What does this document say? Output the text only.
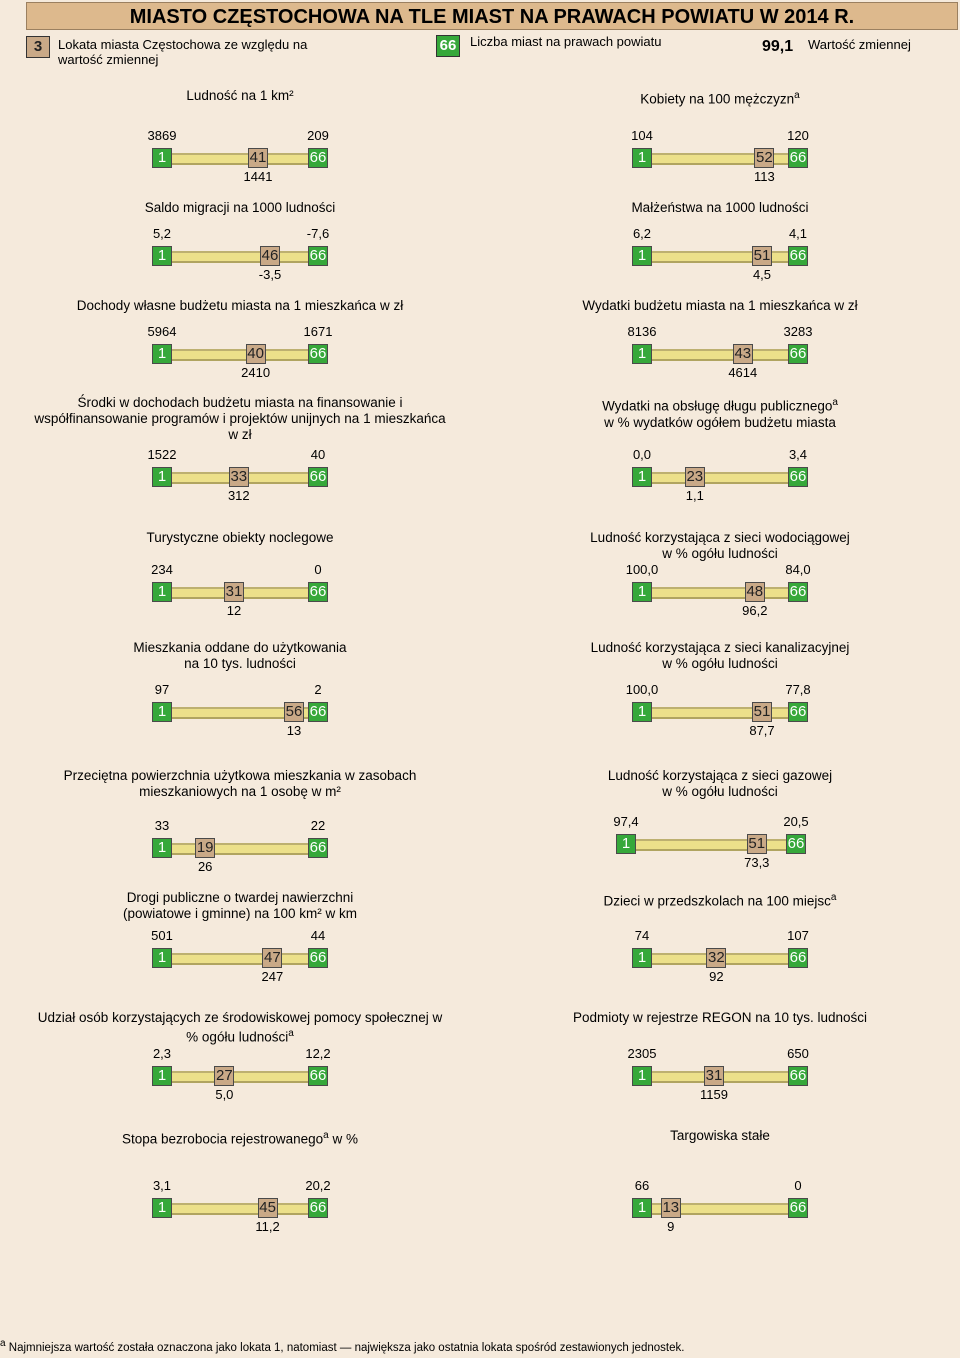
MIASTO CZĘSTOCHOWA NA TLE MIAST NA PRAWACH POWIATU W 2014 R.
3	Lokata miasta Częstochowa ze względu na wartość zmiennej
66 Liczba miast na prawach powiatu	99,1 Wartość zmiennej
Ludność na 1 km²
1	66
41
3869	209
1441
Kobiety na 100 mężczyzn$^a$
1	66
52
104	120
113
Saldo migracji na 1000 ludności
1	66
46
5,2	-7,6
-3,5
Małżeństwa na 1000 ludności
1	66
51
6,2	4,1
4,5
Dochody własne budżetu miasta na 1 mieszkańca w zł
1	66
40
5964	1671
2410
Wydatki budżetu miasta na 1 mieszkańca w zł
1	66
43
8136	3283
4614
Środki w dochodach budżetu miasta na finansowanie i
współfinansowanie programów i projektów unijnych na 1 mieszkańca
w zł
1	66
33
1522	40
312
Wydatki na obsługę długu publicznego$^a$
w % wydatków ogółem budżetu miasta
1	66
23
0,0	3,4
1,1
Turystyczne obiekty noclegowe
1	66
31
234	0
12
Ludność korzystająca z sieci wodociągowej
w % ogółu ludności
1	66
48
100,0	84,0
96,2
Mieszkania oddane do użytkowania
na 10 tys. ludności
1	66
56
97	2
13
Ludność korzystająca z sieci kanalizacyjnej
w % ogółu ludności
1	66
51
100,0	77,8
87,7
Przeciętna powierzchnia użytkowa mieszkania w zasobach
mieszkaniowych na 1 osobę w m²
1	66
19
33	22
26
Ludność korzystająca z sieci gazowej
w % ogółu ludności
1	66
51
97,4	20,5
73,3
Drogi publiczne o twardej nawierzchni
(powiatowe i gminne) na 100 km² w km
1	66
47
501	44
247
Dzieci w przedszkolach na 100 miejsc$^a$
1	66
32
74	107
92
Udział osób korzystających ze środowiskowej pomocy społecznej w
% ogółu ludności$^a$
1	66
27
2,3	12,2
5,0
Podmioty w rejestrze REGON na 10 tys. ludności
1	66
31
2305	650
1159
Stopa bezrobocia rejestrowanego$^a$ w %
1	66
45
3,1	20,2
11,2
Targowiska stałe
1	66
13
66	0
9
$^a$ Najmniejsza wartość została oznaczona jako lokata 1, natomiast — największa jako ostatnia lokata spośród zestawionych jednostek.
